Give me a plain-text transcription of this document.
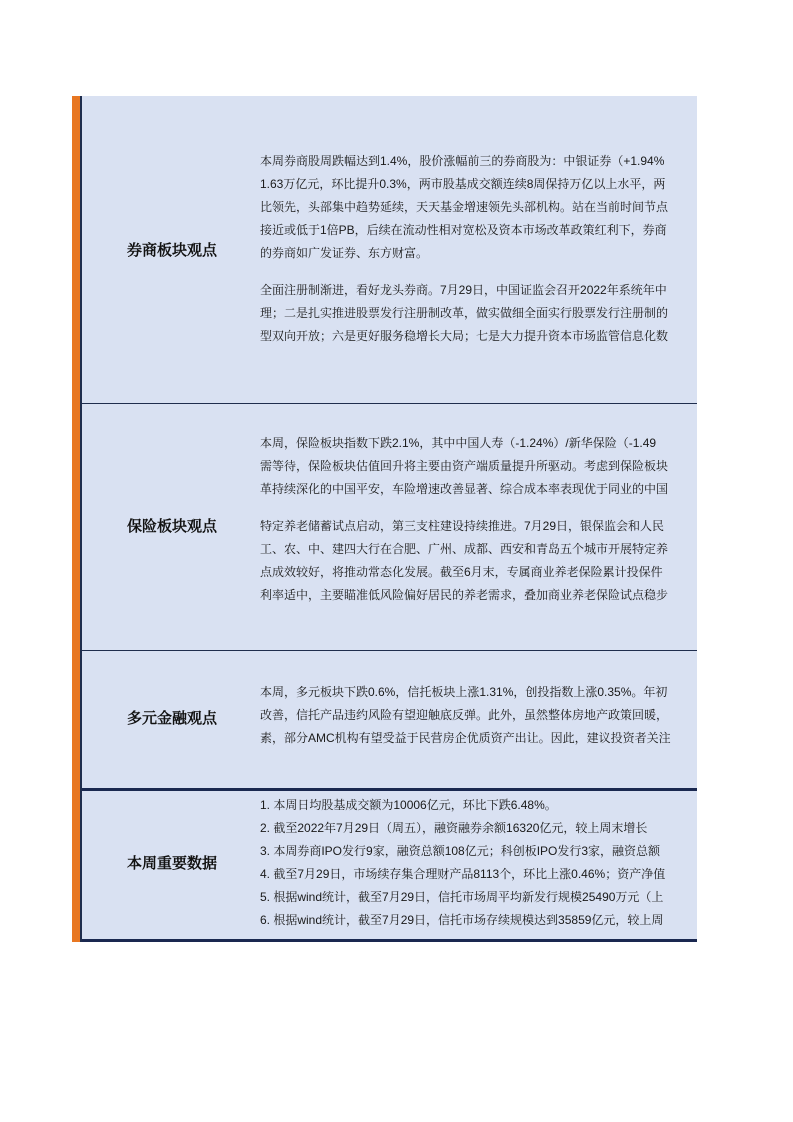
券商板块观点

本周券商股周跌幅达到1.4%，股价涨幅前三的券商股为：中银证券（+1.94%

1.63万亿元，环比提升0.3%，两市股基成交额连续8周保持万亿以上水平，两

比领先，头部集中趋势延续，天天基金增速领先头部机构。站在当前时间节点

接近或低于1倍PB，后续在流动性相对宽松及资本市场改革政策红利下，券商

的券商如广发证券、东方财富。

全面注册制渐进，看好龙头券商。7月29日，中国证监会召开2022年系统年中

理；二是扎实推进股票发行注册制改革，做实做细全面实行股票发行注册制的

型双向开放；六是更好服务稳增长大局；七是大力提升资本市场监管信息化数

保险板块观点

本周，保险板块指数下跌2.1%，其中中国人寿（-1.24%）/新华保险（-1.49

需等待，保险板块估值回升将主要由资产端质量提升所驱动。考虑到保险板块

革持续深化的中国平安，车险增速改善显著、综合成本率表现优于同业的中国

特定养老储蓄试点启动，第三支柱建设持续推进。7月29日，银保监会和人民

工、农、中、建四大行在合肥、广州、成都、西安和青岛五个城市开展特定养

点成效较好，将推动常态化发展。截至6月末，专属商业养老保险累计投保件

利率适中，主要瞄准低风险偏好居民的养老需求，叠加商业养老保险试点稳步

多元金融观点

本周，多元板块下跌0.6%，信托板块上涨1.31%，创投指数上涨0.35%。年初

改善，信托产品违约风险有望迎触底反弹。此外，虽然整体房地产政策回暖，

素，部分AMC机构有望受益于民营房企优质资产出让。因此，建议投资者关注

本周重要数据

1. 本周日均股基成交额为10006亿元，环比下跌6.48%。

2. 截至2022年7月29日（周五），融资融券余额16320亿元，较上周末增长

3. 本周券商IPO发行9家，融资总额108亿元；科创板IPO发行3家，融资总额

4. 截至7月29日，市场续存集合理财产品8113个，环比上涨0.46%；资产净值

5. 根据wind统计，截至7月29日，信托市场周平均新发行规模25490万元（上

6. 根据wind统计，截至7月29日，信托市场存续规模达到35859亿元，较上周
